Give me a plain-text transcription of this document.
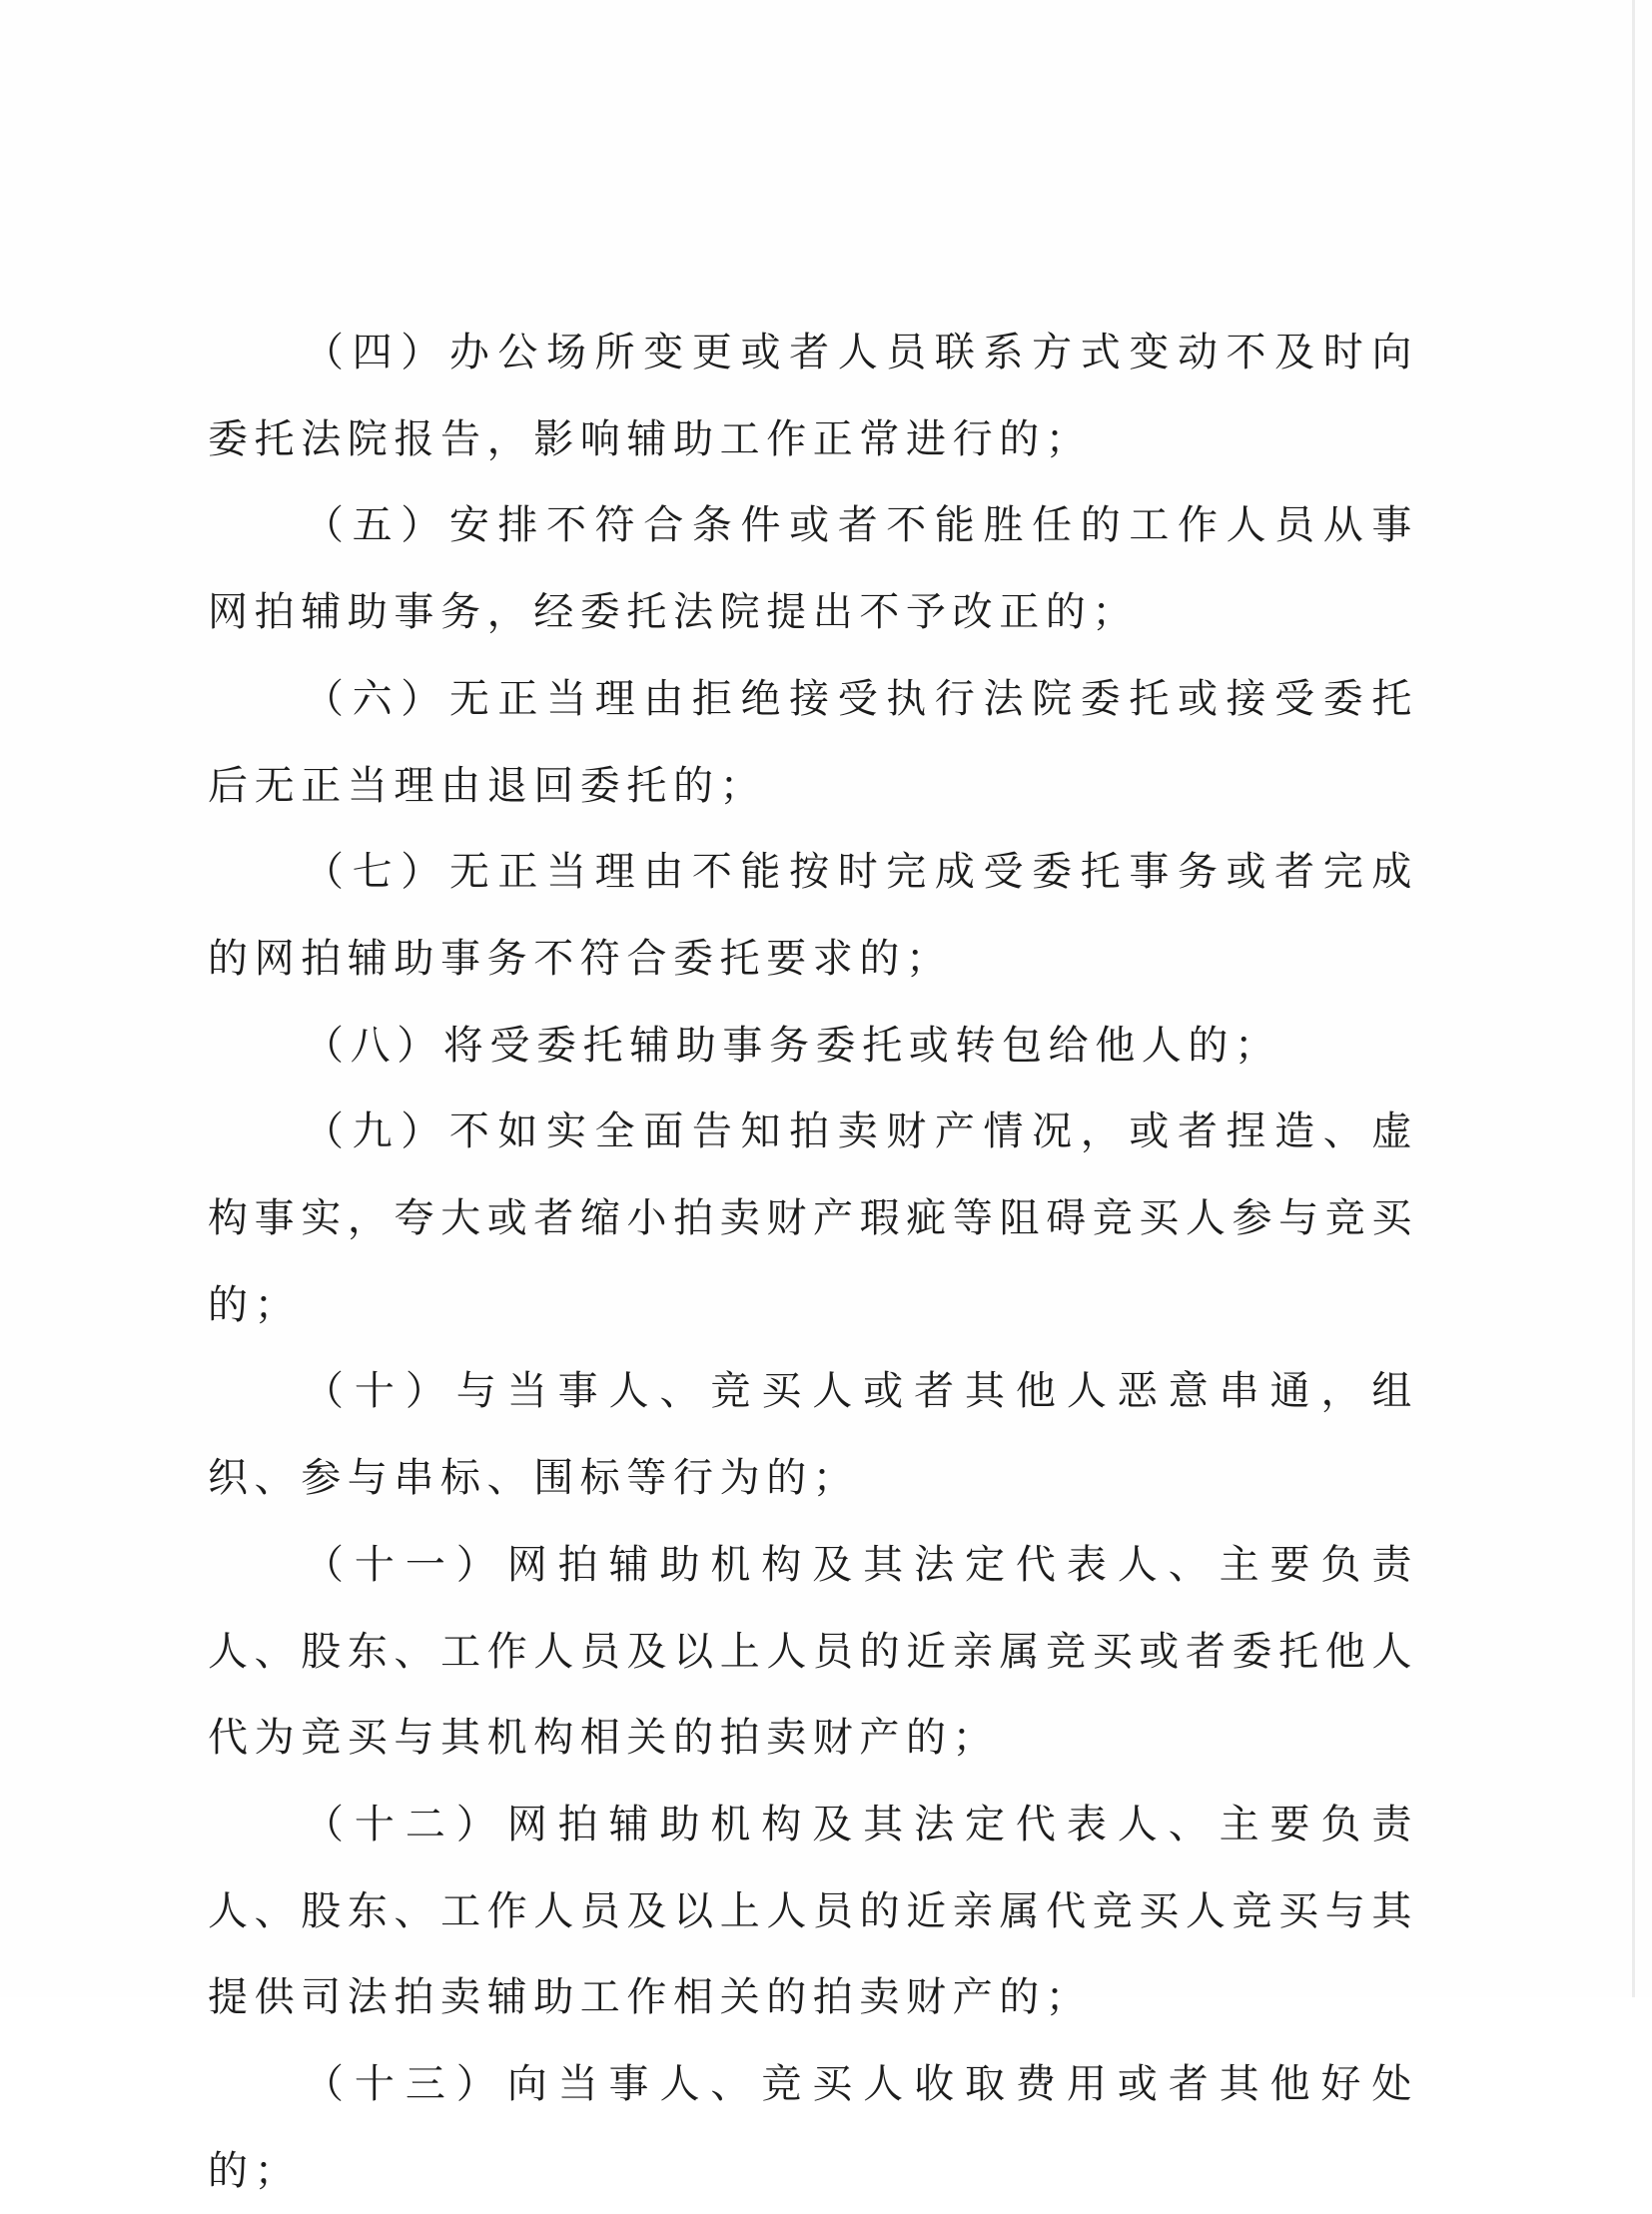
（四）办公场所变更或者人员联系方式变动不及时向委托法院报告，影响辅助工作正常进行的；

（五）安排不符合条件或者不能胜任的工作人员从事网拍辅助事务，经委托法院提出不予改正的；

（六）无正当理由拒绝接受执行法院委托或接受委托后无正当理由退回委托的；

（七）无正当理由不能按时完成受委托事务或者完成的网拍辅助事务不符合委托要求的；

（八）将受委托辅助事务委托或转包给他人的；

（九）不如实全面告知拍卖财产情况，或者捏造、虚构事实，夸大或者缩小拍卖财产瑕疵等阻碍竞买人参与竞买的；

（十）与当事人、竞买人或者其他人恶意串通，组织、参与串标、围标等行为的；

（十一）网拍辅助机构及其法定代表人、主要负责人、股东、工作人员及以上人员的近亲属竞买或者委托他人代为竞买与其机构相关的拍卖财产的；

（十二）网拍辅助机构及其法定代表人、主要负责人、股东、工作人员及以上人员的近亲属代竞买人竞买与其提供司法拍卖辅助工作相关的拍卖财产的；

（十三）向当事人、竞买人收取费用或者其他好处的；
